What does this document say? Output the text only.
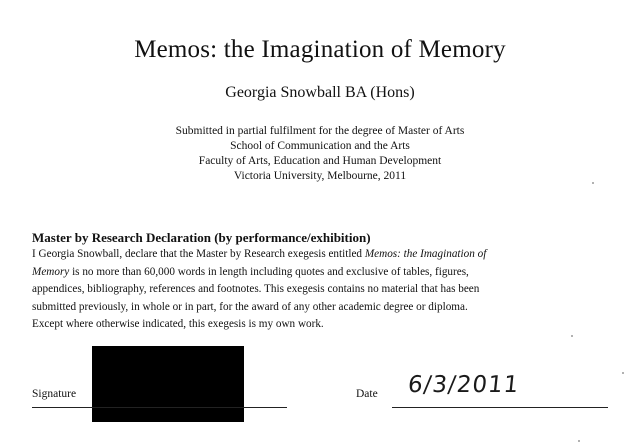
Memos: the Imagination of Memory
Georgia Snowball BA (Hons)
Submitted in partial fulfilment for the degree of Master of Arts
School of Communication and the Arts
Faculty of Arts, Education and Human Development
Victoria University, Melbourne, 2011
Master by Research Declaration (by performance/exhibition)
I Georgia Snowball, declare that the Master by Research exegesis entitled Memos: the Imagination of
Memory is no more than 60,000 words in length including quotes and exclusive of tables, figures,
appendices, bibliography, references and footnotes. This exegesis contains no material that has been
submitted previously, in whole or in part, for the award of any other academic degree or diploma.
Except where otherwise indicated, this exegesis is my own work.
Signature	Date 6/3/2011
